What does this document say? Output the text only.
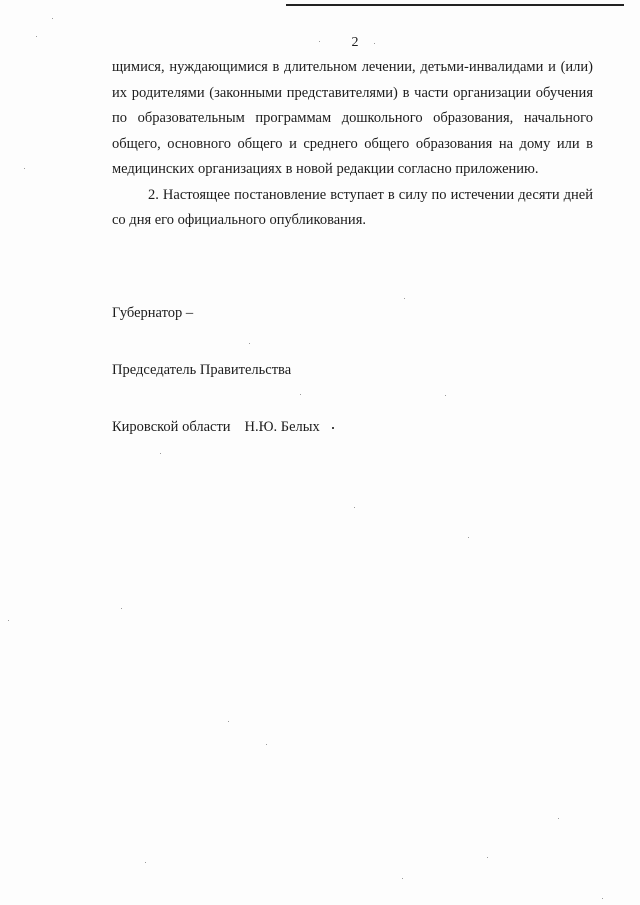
2

щимися, нуждающимися в длительном лечении, детьми-инвалидами и (или) их родителями (законными представителями) в части организации обучения по образовательным программам дошкольного образования, начального общего, основного общего и среднего общего образования на дому или в медицинских организациях в новой редакции согласно приложению.

2. Настоящее постановление вступает в силу по истечении десяти дней со дня его официального опубликования.

Губернатор –

Председатель Правительства

Кировской области Н.Ю. Белых
